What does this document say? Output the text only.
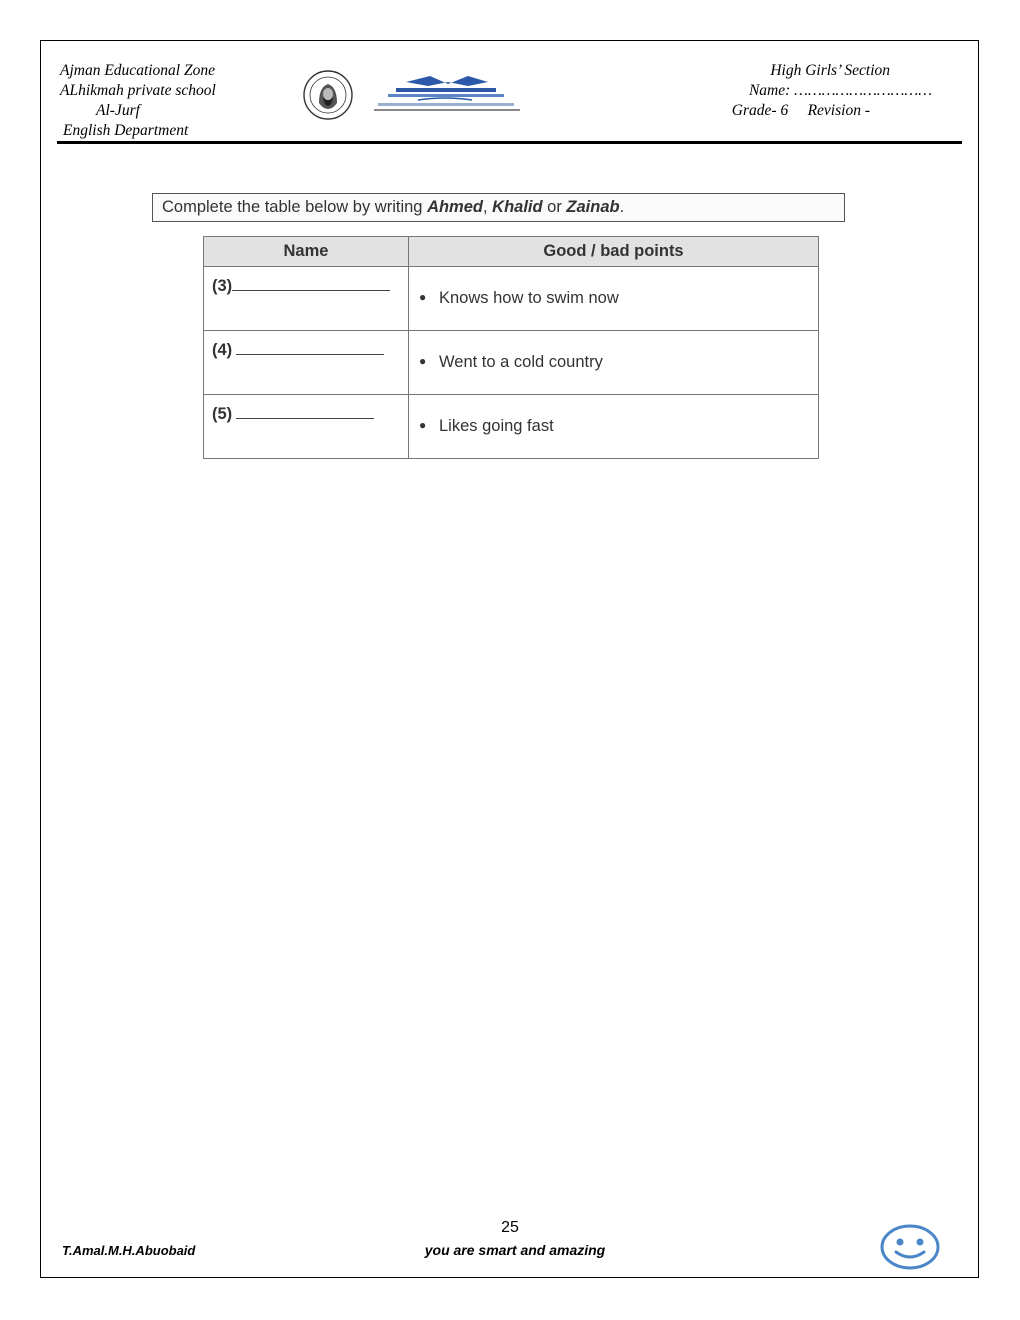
Ajman Educational Zone
ALhikmah private school
Al-Jurf
English Department
High Girls’ Section
Name: …………………………
Grade- 6 Revision -
Complete the table below by writing Ahmed, Khalid or Zainab.
Name	Good / bad points
(3)	● Knows how to swim now
(4)	● Went to a cold country
(5)	● Likes going fast
25
T.Amal.M.H.Abuobaid	you are smart and amazing
